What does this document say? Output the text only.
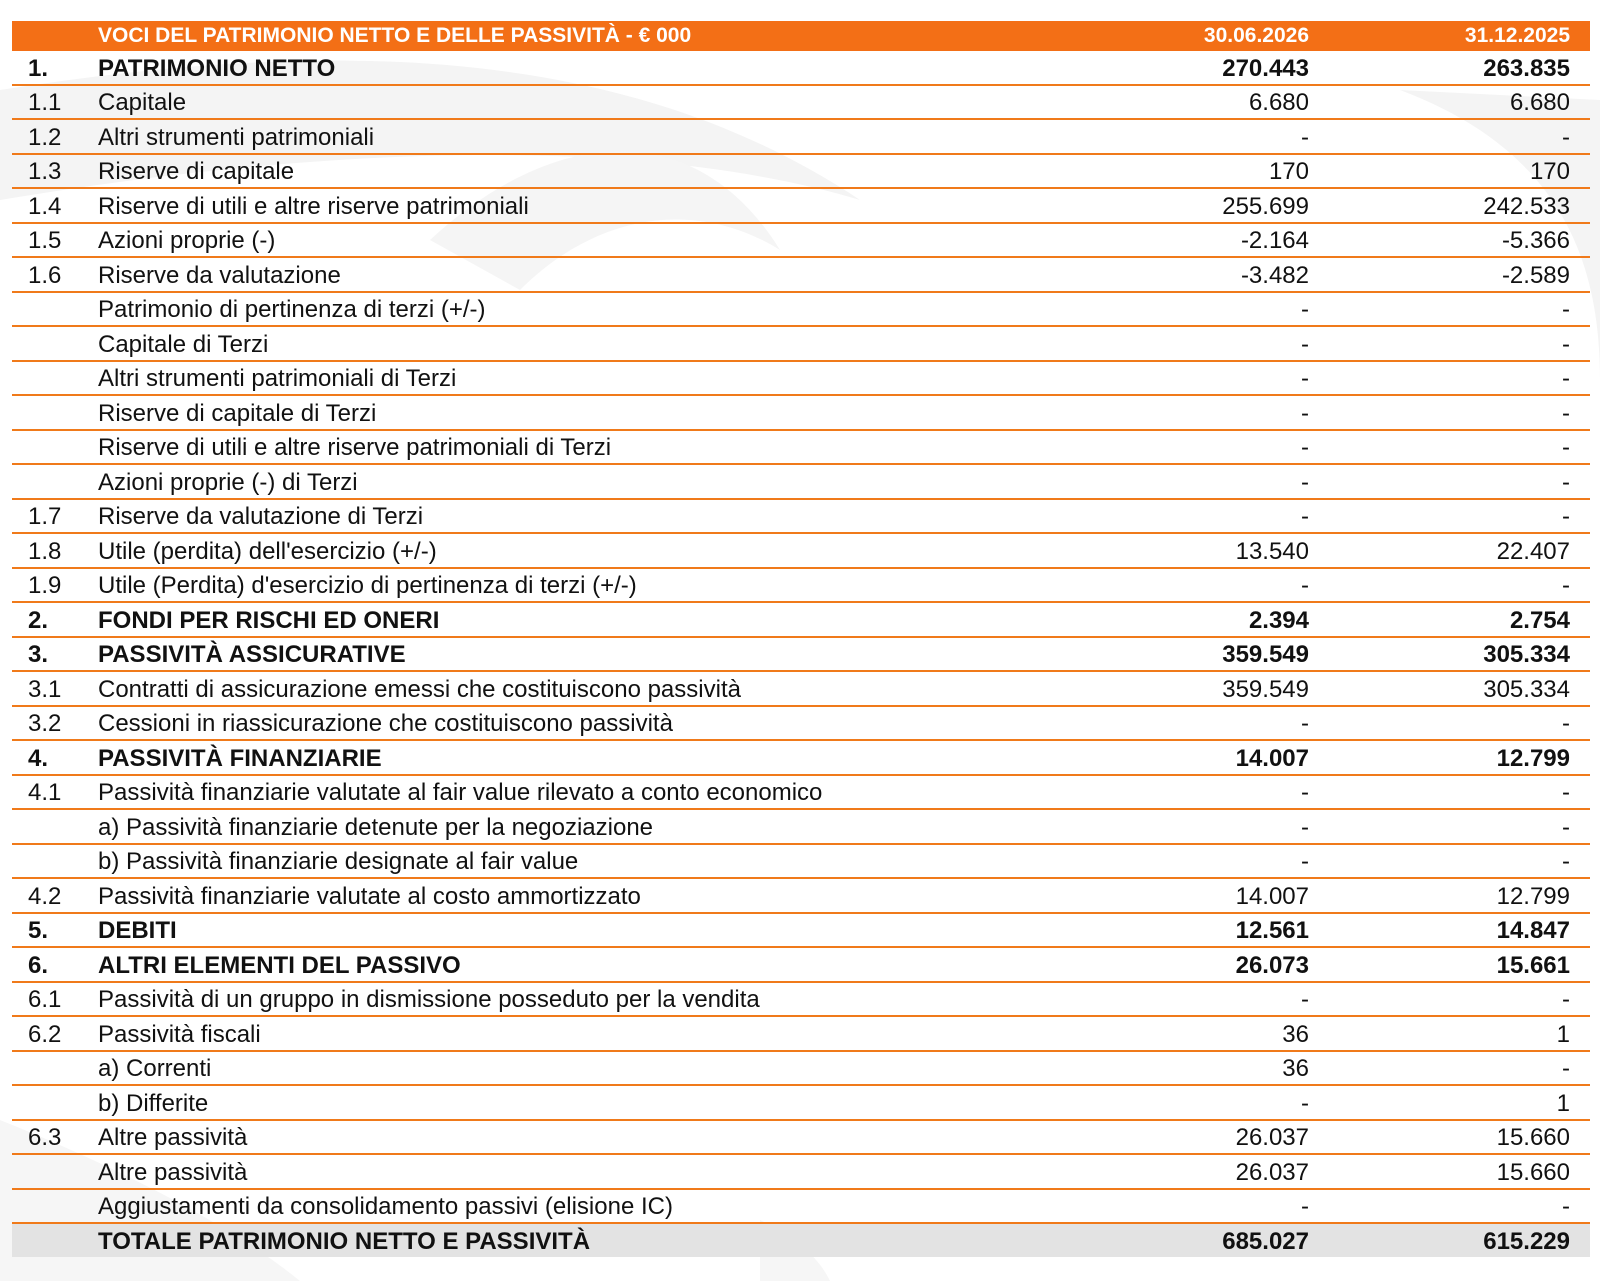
	VOCI DEL PATRIMONIO NETTO E DELLE PASSIVITÀ - € 000	30.06.2026	31.12.2025
1.	PATRIMONIO NETTO	270.443	263.835
1.1	Capitale	6.680	6.680
1.2	Altri strumenti patrimoniali	-	-
1.3	Riserve di capitale	170	170
1.4	Riserve di utili e altre riserve patrimoniali	255.699	242.533
1.5	Azioni proprie (-)	-2.164	-5.366
1.6	Riserve da valutazione	-3.482	-2.589
	Patrimonio di pertinenza di terzi (+/-)	-	-
	Capitale di Terzi	-	-
	Altri strumenti patrimoniali di Terzi	-	-
	Riserve di capitale di Terzi	-	-
	Riserve di utili e altre riserve patrimoniali di Terzi	-	-
	Azioni proprie (-) di Terzi	-	-
1.7	Riserve da valutazione di Terzi	-	-
1.8	Utile (perdita) dell'esercizio (+/-)	13.540	22.407
1.9	Utile (Perdita) d'esercizio di pertinenza di terzi (+/-)	-	-
2.	FONDI PER RISCHI ED ONERI	2.394	2.754
3.	PASSIVITÀ ASSICURATIVE	359.549	305.334
3.1	Contratti di assicurazione emessi che costituiscono passività	359.549	305.334
3.2	Cessioni in riassicurazione che costituiscono passività	-	-
4.	PASSIVITÀ FINANZIARIE	14.007	12.799
4.1	Passività finanziarie valutate al fair value rilevato a conto economico	-	-
	a) Passività finanziarie detenute per la negoziazione	-	-
	b) Passività finanziarie designate al fair value	-	-
4.2	Passività finanziarie valutate al costo ammortizzato	14.007	12.799
5.	DEBITI	12.561	14.847
6.	ALTRI ELEMENTI DEL PASSIVO	26.073	15.661
6.1	Passività di un gruppo in dismissione posseduto per la vendita	-	-
6.2	Passività fiscali	36	1
	a) Correnti	36	-
	b) Differite	-	1
6.3	Altre passività	26.037	15.660
	Altre passività	26.037	15.660
	Aggiustamenti da consolidamento passivi (elisione IC)	-	-
	TOTALE PATRIMONIO NETTO E PASSIVITÀ	685.027	615.229
